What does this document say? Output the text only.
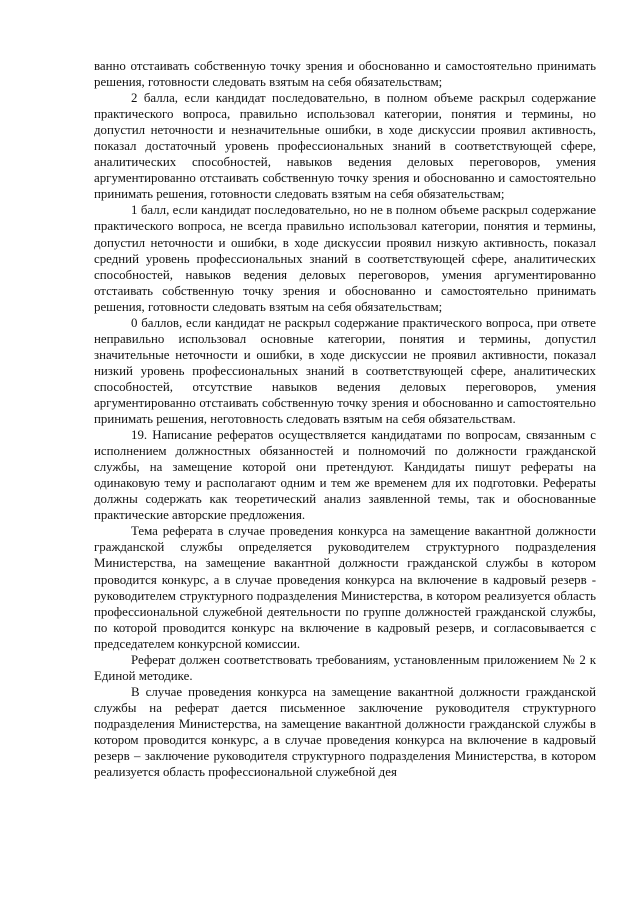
ванно отстаивать собственную точку зрения и обоснованно и самостоятельно принимать решения, готовности следовать взятым на себя обязательствам;

2 балла, если кандидат последовательно, в полном объеме раскрыл содержание практического вопроса, правильно использовал категории, понятия и термины, но допустил неточности и незначительные ошибки, в ходе дискуссии проявил активность, показал достаточный уровень профессиональных знаний в соответствующей сфере, аналитических способностей, навыков ведения деловых переговоров, умения аргументированно отстаивать собственную точку зрения и обоснованно и самостоятельно принимать решения, готовности следовать взятым на себя обязательствам;

1 балл, если кандидат последовательно, но не в полном объеме раскрыл содержание практического вопроса, не всегда правильно использовал категории, понятия и термины, допустил неточности и ошибки, в ходе дискуссии проявил низкую активность, показал средний уровень профессиональных знаний в соответствующей сфере, аналитических способностей, навыков ведения деловых переговоров, умения аргументированно отстаивать собственную точку зрения и обоснованно и самостоятельно принимать решения, готовности следовать взятым на себя обязательствам;

0 баллов, если кандидат не раскрыл содержание практического вопроса, при ответе неправильно использовал основные категории, понятия и термины, допустил значительные неточности и ошибки, в ходе дискуссии не проявил активности, показал низкий уровень профессиональных знаний в соответствующей сфере, аналитических способностей, отсутствие навыков ведения деловых переговоров, умения аргументированно отстаивать собственную точку зрения и обоснованно и саmостоятельно принимать решения, неготовность следовать взятым на себя обязательствам.

19. Написание рефератов осуществляется кандидатами по вопросам, связанным с исполнением должностных обязанностей и полномочий по должности гражданской службы, на замещение которой они претендуют. Кандидаты пишут рефераты на одинаковую тему и располагают одним и тем же временем для их подготовки. Рефераты должны содержать как теоретический анализ заявленной темы, так и обоснованные практические авторские предложения.

Тема реферата в случае проведения конкурса на замещение вакантной должности гражданской службы определяется руководителем структурного подразделения Министерства, на замещение вакантной должности гражданской службы в котором проводится конкурс, а в случае проведения конкурса на включение в кадровый резерв - руководителем структурного подразделения Министерства, в котором реализуется область профессиональной служебной деятельности по группе должностей гражданской службы, по которой проводится конкурс на включение в кадровый резерв, и согласовывается с председателем конкурсной комиссии.

Реферат должен соответствовать требованиям, установленным приложением № 2 к Единой методике.

В случае проведения конкурса на замещение вакантной должности гражданской службы на реферат дается письменное заключение руководителя структурного подразделения Министерства, на замещение вакантной должности гражданской службы в котором проводится конкурс, а в случае проведения конкурса на включение в кадровый резерв – заключение руководителя структурного подразделения Министерства, в котором реализуется область профессиональной служебной дея
